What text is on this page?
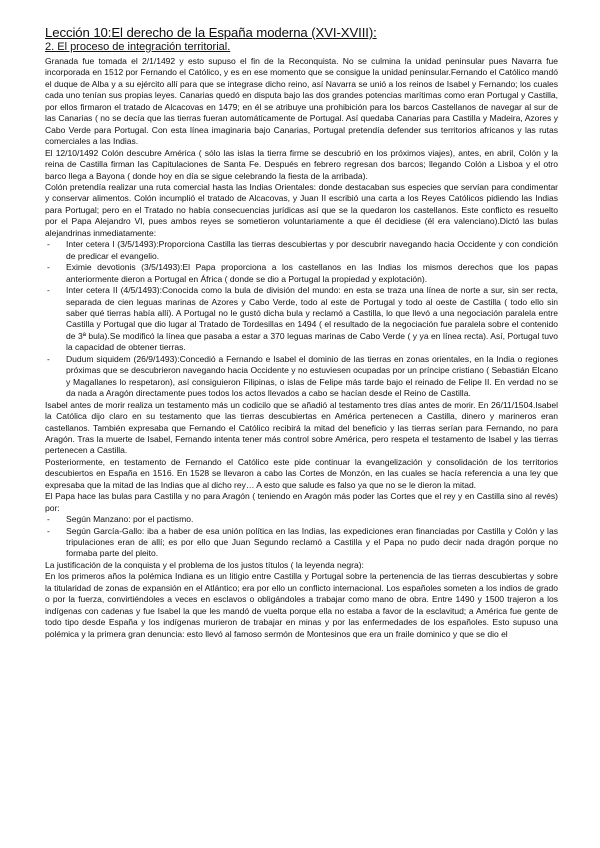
Lección 10:El derecho de la España moderna (XVI-XVIII):
2. El proceso de integración territorial.

Granada fue tomada el 2/1/1492 y esto supuso el fin de la Reconquista. No se culmina la unidad peninsular pues Navarra fue incorporada en 1512 por Fernando el Católico, y es en ese momento que se consigue la unidad peninsular.Fernando el Católico mandó el duque de Alba y a su ejército allí para que se integrase dicho reino, así Navarra se unió a los reinos de Isabel y Fernando; los cuales cada uno tenían sus propias leyes. Canarias quedó en disputa bajo las dos grandes potencias marítimas como eran Portugal y Castilla, por ellos firmaron el tratado de Alcacovas en 1479; en él se atribuye una prohibición para los barcos Castellanos de navegar al sur de las Canarias ( no se decía que las tierras fueran automáticamente de Portugal. Así quedaba Canarias para Castilla y Madeira, Azores y Cabo Verde para Portugal. Con esta línea imaginaria bajo Canarias, Portugal pretendía defender sus territorios africanos y las rutas comerciales a las Indias.

El 12/10/1492 Colón descubre América ( sólo las islas la tierra firme se descubrió en los próximos viajes), antes, en abril, Colón y la reina de Castilla firman las Capitulaciones de Santa Fe. Después en febrero regresan dos barcos; llegando Colón a Lisboa y el otro barco llega a Bayona ( donde hoy en día se sigue celebrando la fiesta de la arribada).

Colón pretendía realizar una ruta comercial hasta las Indias Orientales: donde destacaban sus especies que servían para condimentar y conservar alimentos. Colón incumplió el tratado de Alcacovas, y Juan II escribió una carta a los Reyes Católicos pidiendo las Indias para Portugal; pero en el Tratado no había consecuencias jurídicas así que se la quedaron los castellanos. Este conflicto es resuelto por el Papa Alejandro VI, pues ambos reyes se sometieron voluntariamente a que él decidiese (él era valenciano).Dictó las bulas alejandrinas inmediatamente:

- Inter cetera I (3/5/1493):Proporciona Castilla las tierras descubiertas y por descubrir navegando hacia Occidente y con condición de predicar el evangelio.
- Eximie devotionis (3/5/1493):El Papa proporciona a los castellanos en las Indias los mismos derechos que los papas anteriormente dieron a Portugal en África ( donde se dio a Portugal la propiedad y explotación).
- Inter cetera II (4/5/1493):Conocida como la bula de división del mundo: en esta se traza una línea de norte a sur, sin ser recta, separada de cien leguas marinas de Azores y Cabo Verde, todo al este de Portugal y todo al oeste de Castilla ( todo ello sin saber qué tierras había allí). A Portugal no le gustó dicha bula y reclamó a Castilla, lo que llevó a una negociación paralela entre Castilla y Portugal que dio lugar al Tratado de Tordesillas en 1494 ( el resultado de la negociación fue paralela sobre el contenido de 3ª bula).Se modificó la línea que pasaba a estar a 370 leguas marinas de Cabo Verde ( y ya en línea recta). Así, Portugal tuvo la capacidad de obtener tierras.
- Dudum siquidem (26/9/1493):Concedió a Fernando e Isabel el dominio de las tierras en zonas orientales, en la India o regiones próximas que se descubrieron navegando hacia Occidente y no estuviesen ocupadas por un príncipe cristiano ( Sebastián Elcano y Magallanes lo respetaron), así consiguieron Filipinas, o islas de Felipe más tarde bajo el reinado de Felipe II. En verdad no se da nada a Aragón directamente pues todos los actos llevados a cabo se hacían desde el Reino de Castilla.

Isabel antes de morir realiza un testamento más un codicilo que se añadió al testamento tres días antes de morir. En 26/11/1504.Isabel la Católica dijo claro en su testamento que las tierras descubiertas en América pertenecen a Castilla, dinero y marineros eran castellanos. También expresaba que Fernando el Católico recibirá la mitad del beneficio y las tierras serían para Fernando, no para Aragón. Tras la muerte de Isabel, Fernando intenta tener más control sobre América, pero respeta el testamento de Isabel y las tierras pertenecen a Castilla.

Posteriormente, en testamento de Fernando el Católico este pide continuar la evangelización y consolidación de los territorios descubiertos en España en 1516. En 1528 se llevaron a cabo las Cortes de Monzón, en las cuales se hacía referencia a una ley que expresaba que la mitad de las Indias que al dicho rey… A esto que salude es falso ya que no se le dieron la mitad.

El Papa hace las bulas para Castilla y no para Aragón ( teniendo en Aragón más poder las Cortes que el rey y en Castilla sino al revés) por:

- Según Manzano: por el pactismo.
- Según García-Gallo: iba a haber de esa unión política en las Indias, las expediciones eran financiadas por Castilla y Colón y las tripulaciones eran de allí; es por ello que Juan Segundo reclamó a Castilla y el Papa no pudo decir nada dragón porque no formaba parte del pleito.

La justificación de la conquista y el problema de los justos títulos ( la leyenda negra):

En los primeros años la polémica Indiana es un litigio entre Castilla y Portugal sobre la pertenencia de las tierras descubiertas y sobre la titularidad de zonas de expansión en el Atlántico; era por ello un conflicto internacional. Los españoles someten a los indios de grado o por la fuerza, convirtiéndoles a veces en esclavos o obligándoles a trabajar como mano de obra. Entre 1490 y 1500 trajeron a los indígenas con cadenas y fue Isabel la que les mandó de vuelta porque ella no estaba a favor de la esclavitud; a América fue gente de todo tipo desde España y los indígenas murieron de trabajar en minas y por las enfermedades de los españoles. Esto supuso una polémica y la primera gran denuncia: esto llevó al famoso sermón de Montesinos que era un fraile dominico y que se dio el
